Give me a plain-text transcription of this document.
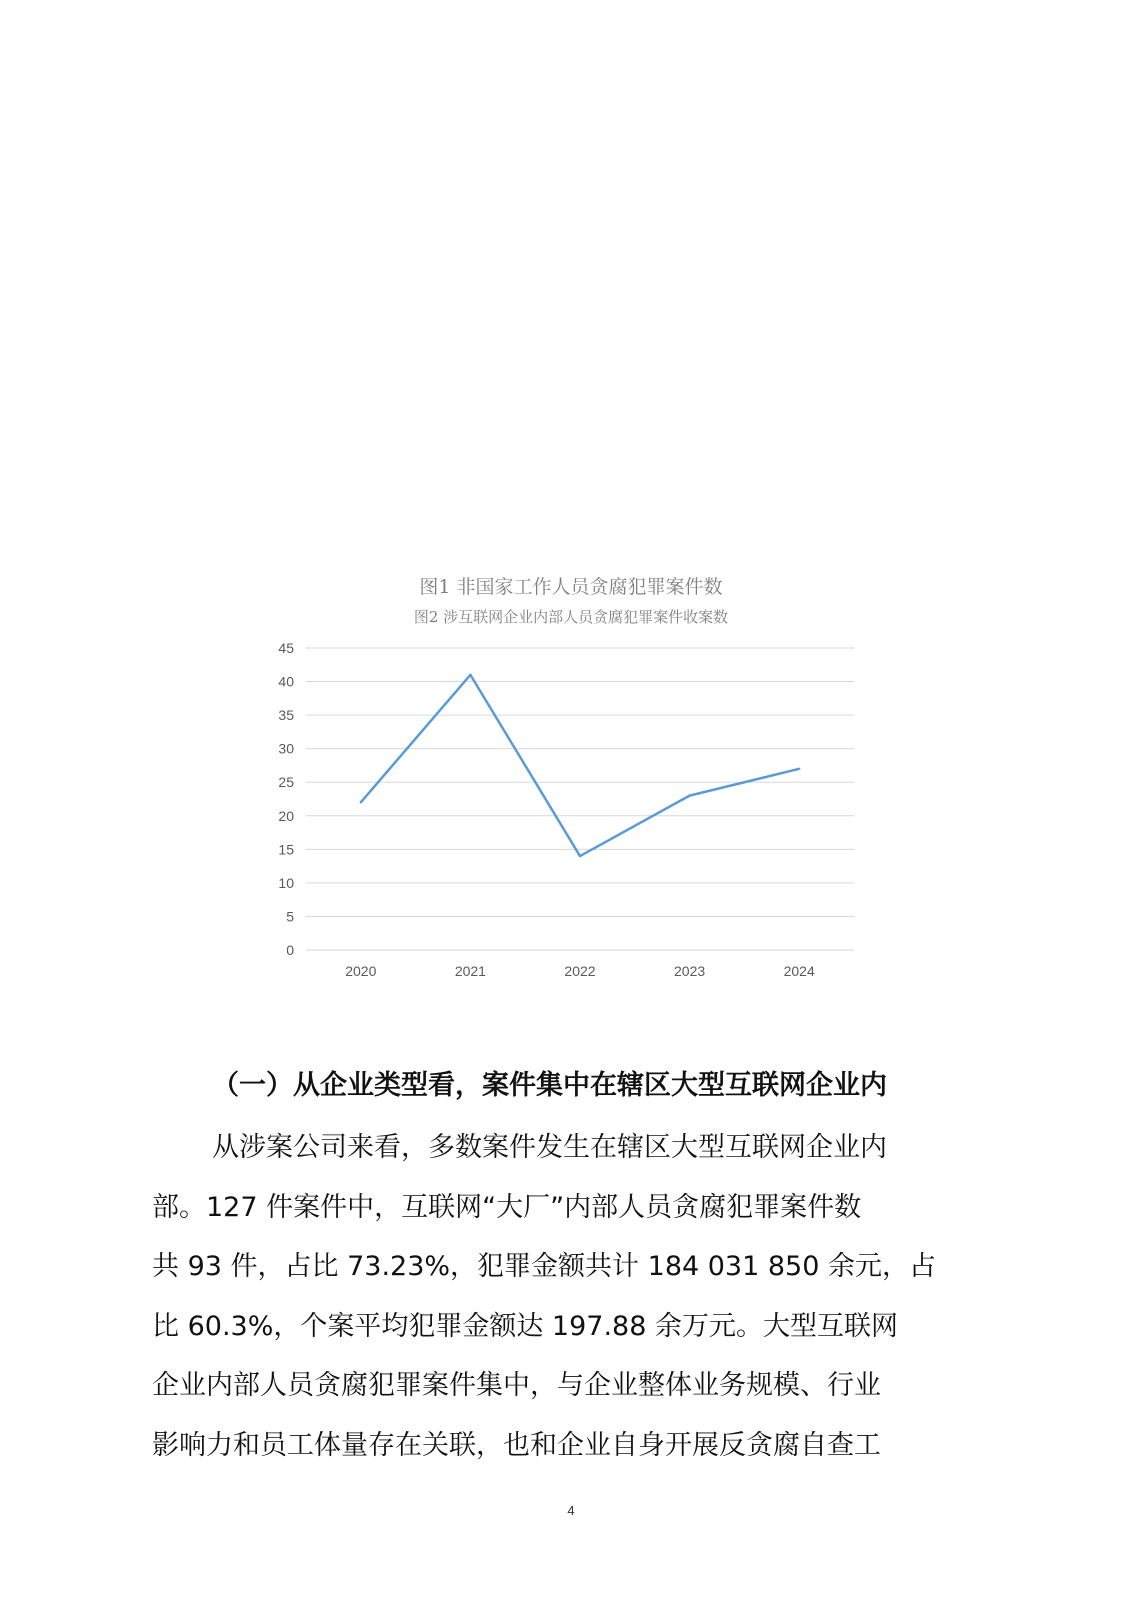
图1 非国家工作人员贪腐犯罪案件数
图2 涉互联网企业内部人员贪腐犯罪案件收案数
0
5
10
15
20
25
30
35
40
45
2020	2021	2022	2023	2024
（一）从企业类型看，案件集中在辖区大型互联网企业内
从涉案公司来看，多数案件发生在辖区大型互联网企业内
部。127 件案件中，互联网“大厂”内部人员贪腐犯罪案件数
共 93 件，占比 73.23%，犯罪金额共计 184 031 850 余元，占
比 60.3%，个案平均犯罪金额达 197.88 余万元。大型互联网
企业内部人员贪腐犯罪案件集中，与企业整体业务规模、行业
影响力和员工体量存在关联，也和企业自身开展反贪腐自查工
4
